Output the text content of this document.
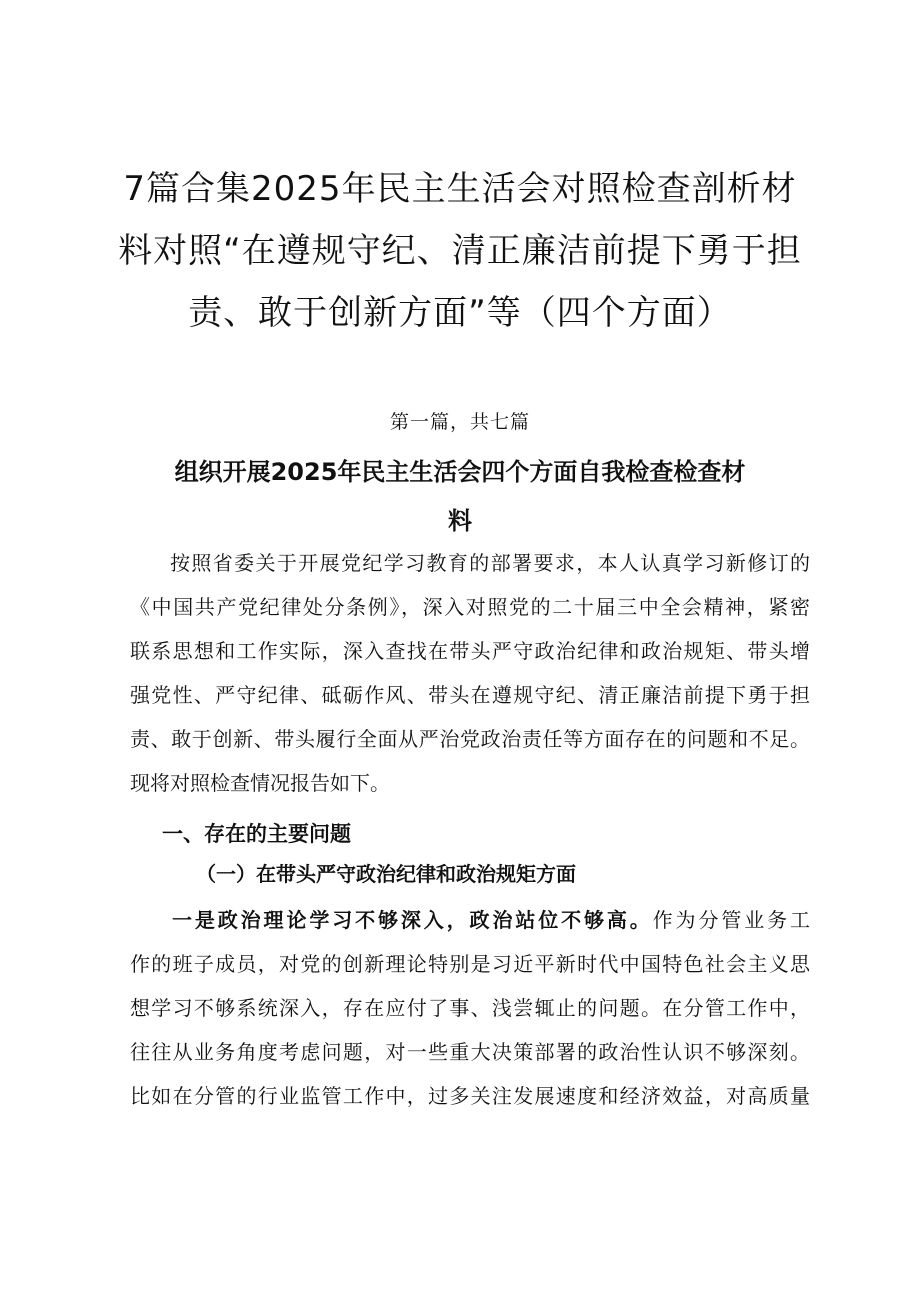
7篇合集2025年民主生活会对照检查剖析材
料对照“在遵规守纪、清正廉洁前提下勇于担
责、敢于创新方面”等（四个方面）

第一篇，共七篇

组织开展2025年民主生活会四个方面自我检查检查材
料

按照省委关于开展党纪学习教育的部署要求，本人认真学习新修订的

《中国共产党纪律处分条例》，深入对照党的二十届三中全会精神，紧密

联系思想和工作实际，深入查找在带头严守政治纪律和政治规矩、带头增

强党性、严守纪律、砥砺作风、带头在遵规守纪、清正廉洁前提下勇于担

责、敢于创新、带头履行全面从严治党政治责任等方面存在的问题和不足。

现将对照检查情况报告如下。

一、存在的主要问题
（一）在带头严守政治纪律和政治规矩方面

一是政治理论学习不够深入，政治站位不够高。作为分管业务工

作的班子成员，对党的创新理论特别是习近平新时代中国特色社会主义思

想学习不够系统深入，存在应付了事、浅尝辄止的问题。在分管工作中，

往往从业务角度考虑问题，对一些重大决策部署的政治性认识不够深刻。

比如在分管的行业监管工作中，过多关注发展速度和经济效益，对高质量
